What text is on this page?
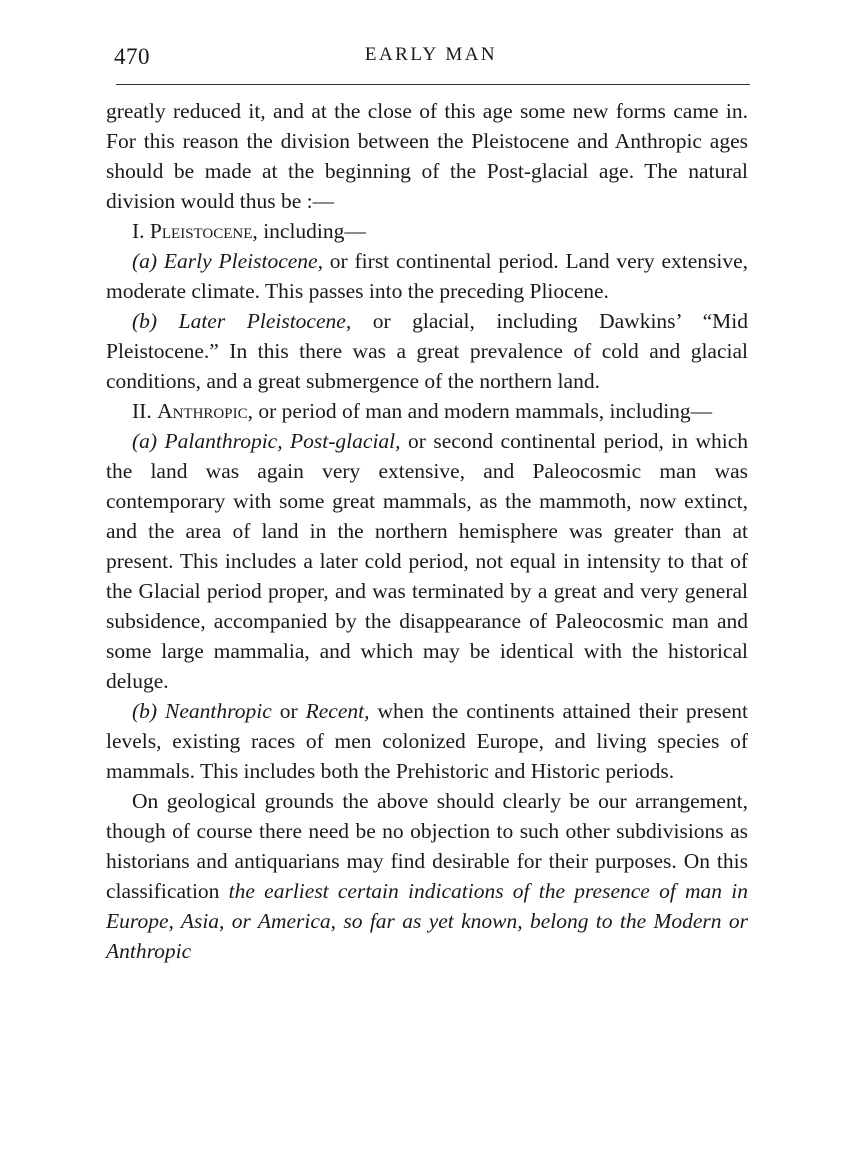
470	EARLY MAN

greatly reduced it, and at the close of this age some new forms came in. For this reason the division between the Pleistocene and Anthropic ages should be made at the beginning of the Post-glacial age. The natural division would thus be :—

I. Pleistocene, including—

(a) Early Pleistocene, or first continental period. Land very extensive, moderate climate. This passes into the preceding Pliocene.

(b) Later Pleistocene, or glacial, including Dawkins’ “Mid Pleistocene.” In this there was a great prevalence of cold and glacial conditions, and a great submergence of the northern land.

II. Anthropic, or period of man and modern mammals, including—

(a) Palanthropic, Post-glacial, or second continental period, in which the land was again very extensive, and Paleocosmic man was contemporary with some great mammals, as the mammoth, now extinct, and the area of land in the northern hemisphere was greater than at present. This includes a later cold period, not equal in intensity to that of the Glacial period proper, and was terminated by a great and very general subsidence, accompanied by the disappearance of Paleocosmic man and some large mammalia, and which may be identical with the historical deluge.

(b) Neanthropic or Recent, when the continents attained their present levels, existing races of men colonized Europe, and living species of mammals. This includes both the Prehistoric and Historic periods.

On geological grounds the above should clearly be our arrangement, though of course there need be no objection to such other subdivisions as historians and antiquarians may find desirable for their purposes. On this classification the earliest certain indications of the presence of man in Europe, Asia, or America, so far as yet known, belong to the Modern or Anthropic
